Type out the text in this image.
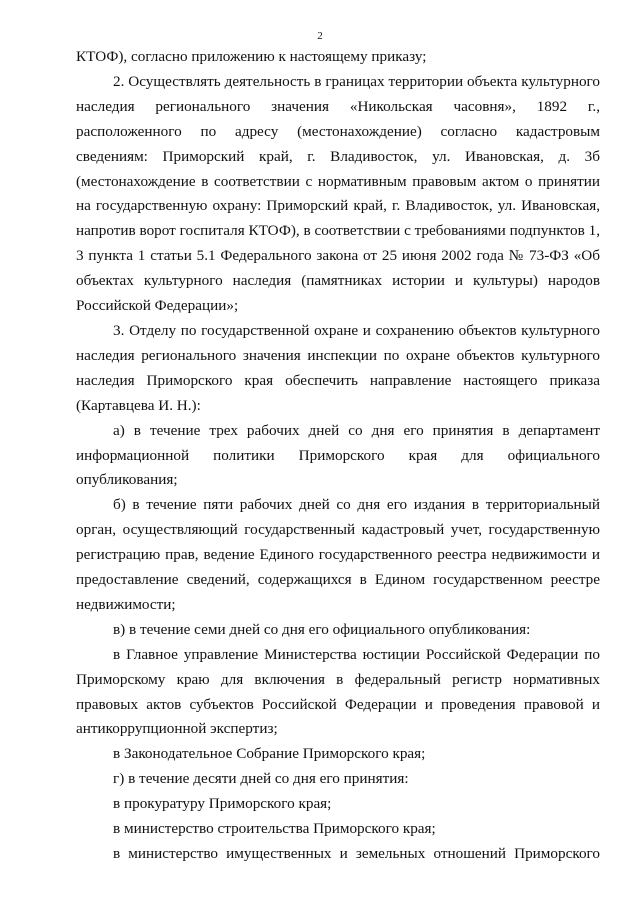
2

КТОФ), согласно приложению к настоящему приказу;

2. Осуществлять деятельность в границах территории объекта культурного наследия регионального значения «Никольская часовня», 1892 г., расположенного по адресу (местонахождение) согласно кадастровым сведениям: Приморский край, г. Владивосток, ул. Ивановская, д. 3б (местонахождение в соответствии с нормативным правовым актом о принятии на государственную охрану: Приморский край, г. Владивосток, ул. Ивановская, напротив ворот госпиталя КТОФ), в соответствии с требованиями подпунктов 1, 3 пункта 1 статьи 5.1 Федерального закона от 25 июня 2002 года № 73-ФЗ «Об объектах культурного наследия (памятниках истории и культуры) народов Российской Федерации»;

3. Отделу по государственной охране и сохранению объектов культурного наследия регионального значения инспекции по охране объектов культурного наследия Приморского края обеспечить направление настоящего приказа (Картавцева И. Н.):

а) в течение трех рабочих дней со дня его принятия в департамент информационной политики Приморского края для официального опубликования;

б) в течение пяти рабочих дней со дня его издания в территориальный орган, осуществляющий государственный кадастровый учет, государственную регистрацию прав, ведение Единого государственного реестра недвижимости и предоставление сведений, содержащихся в Едином государственном реестре недвижимости;

в) в течение семи дней со дня его официального опубликования:

в Главное управление Министерства юстиции Российской Федерации по Приморскому краю для включения в федеральный регистр нормативных правовых актов субъектов Российской Федерации и проведения правовой и антикоррупционной экспертиз;

в Законодательное Собрание Приморского края;

г) в течение десяти дней со дня его принятия:

в прокуратуру Приморского края;

в министерство строительства Приморского края;

в министерство имущественных и земельных отношений Приморского
